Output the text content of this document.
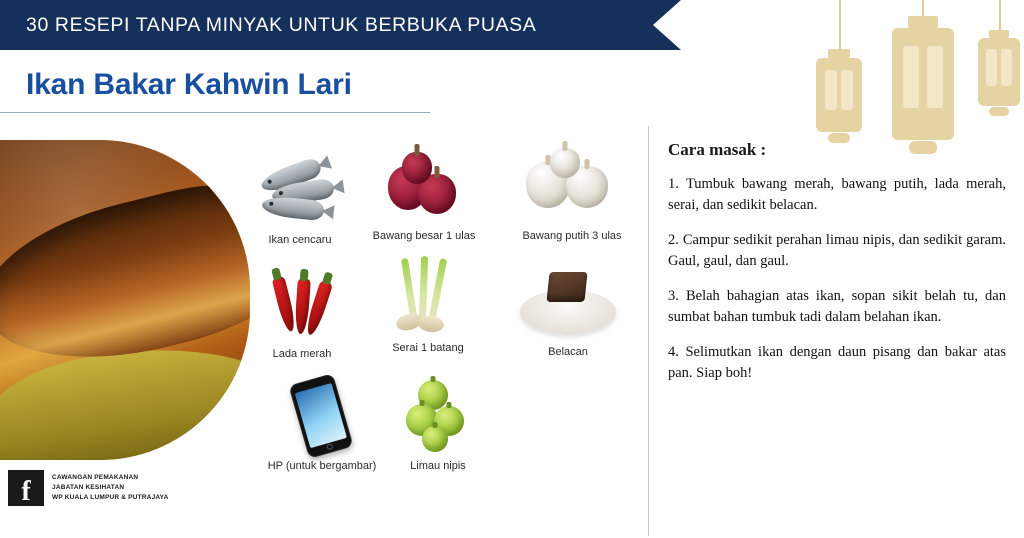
30 RESEPI TANPA MINYAK UNTUK BERBUKA PUASA
Ikan Bakar Kahwin Lari
f	CAWANGAN PEMAKANAN
JABATAN KESIHATAN
WP KUALA LUMPUR & PUTRAJAYA
Ikan cencaru	Bawang besar 1 ulas	Bawang putih 3 ulas
Lada merah	Serai 1 batang	Belacan
HP (untuk bergambar)	Limau nipis
Cara masak :

1. Tumbuk bawang merah, bawang putih, lada merah, serai, dan sedikit belacan.

2. Campur sedikit perahan limau nipis, dan sedikit garam. Gaul, gaul, dan gaul.

3. Belah bahagian atas ikan, sopan sikit belah tu, dan sumbat bahan tumbuk tadi dalam belahan ikan.

4. Selimutkan ikan dengan daun pisang dan bakar atas pan. Siap boh!
